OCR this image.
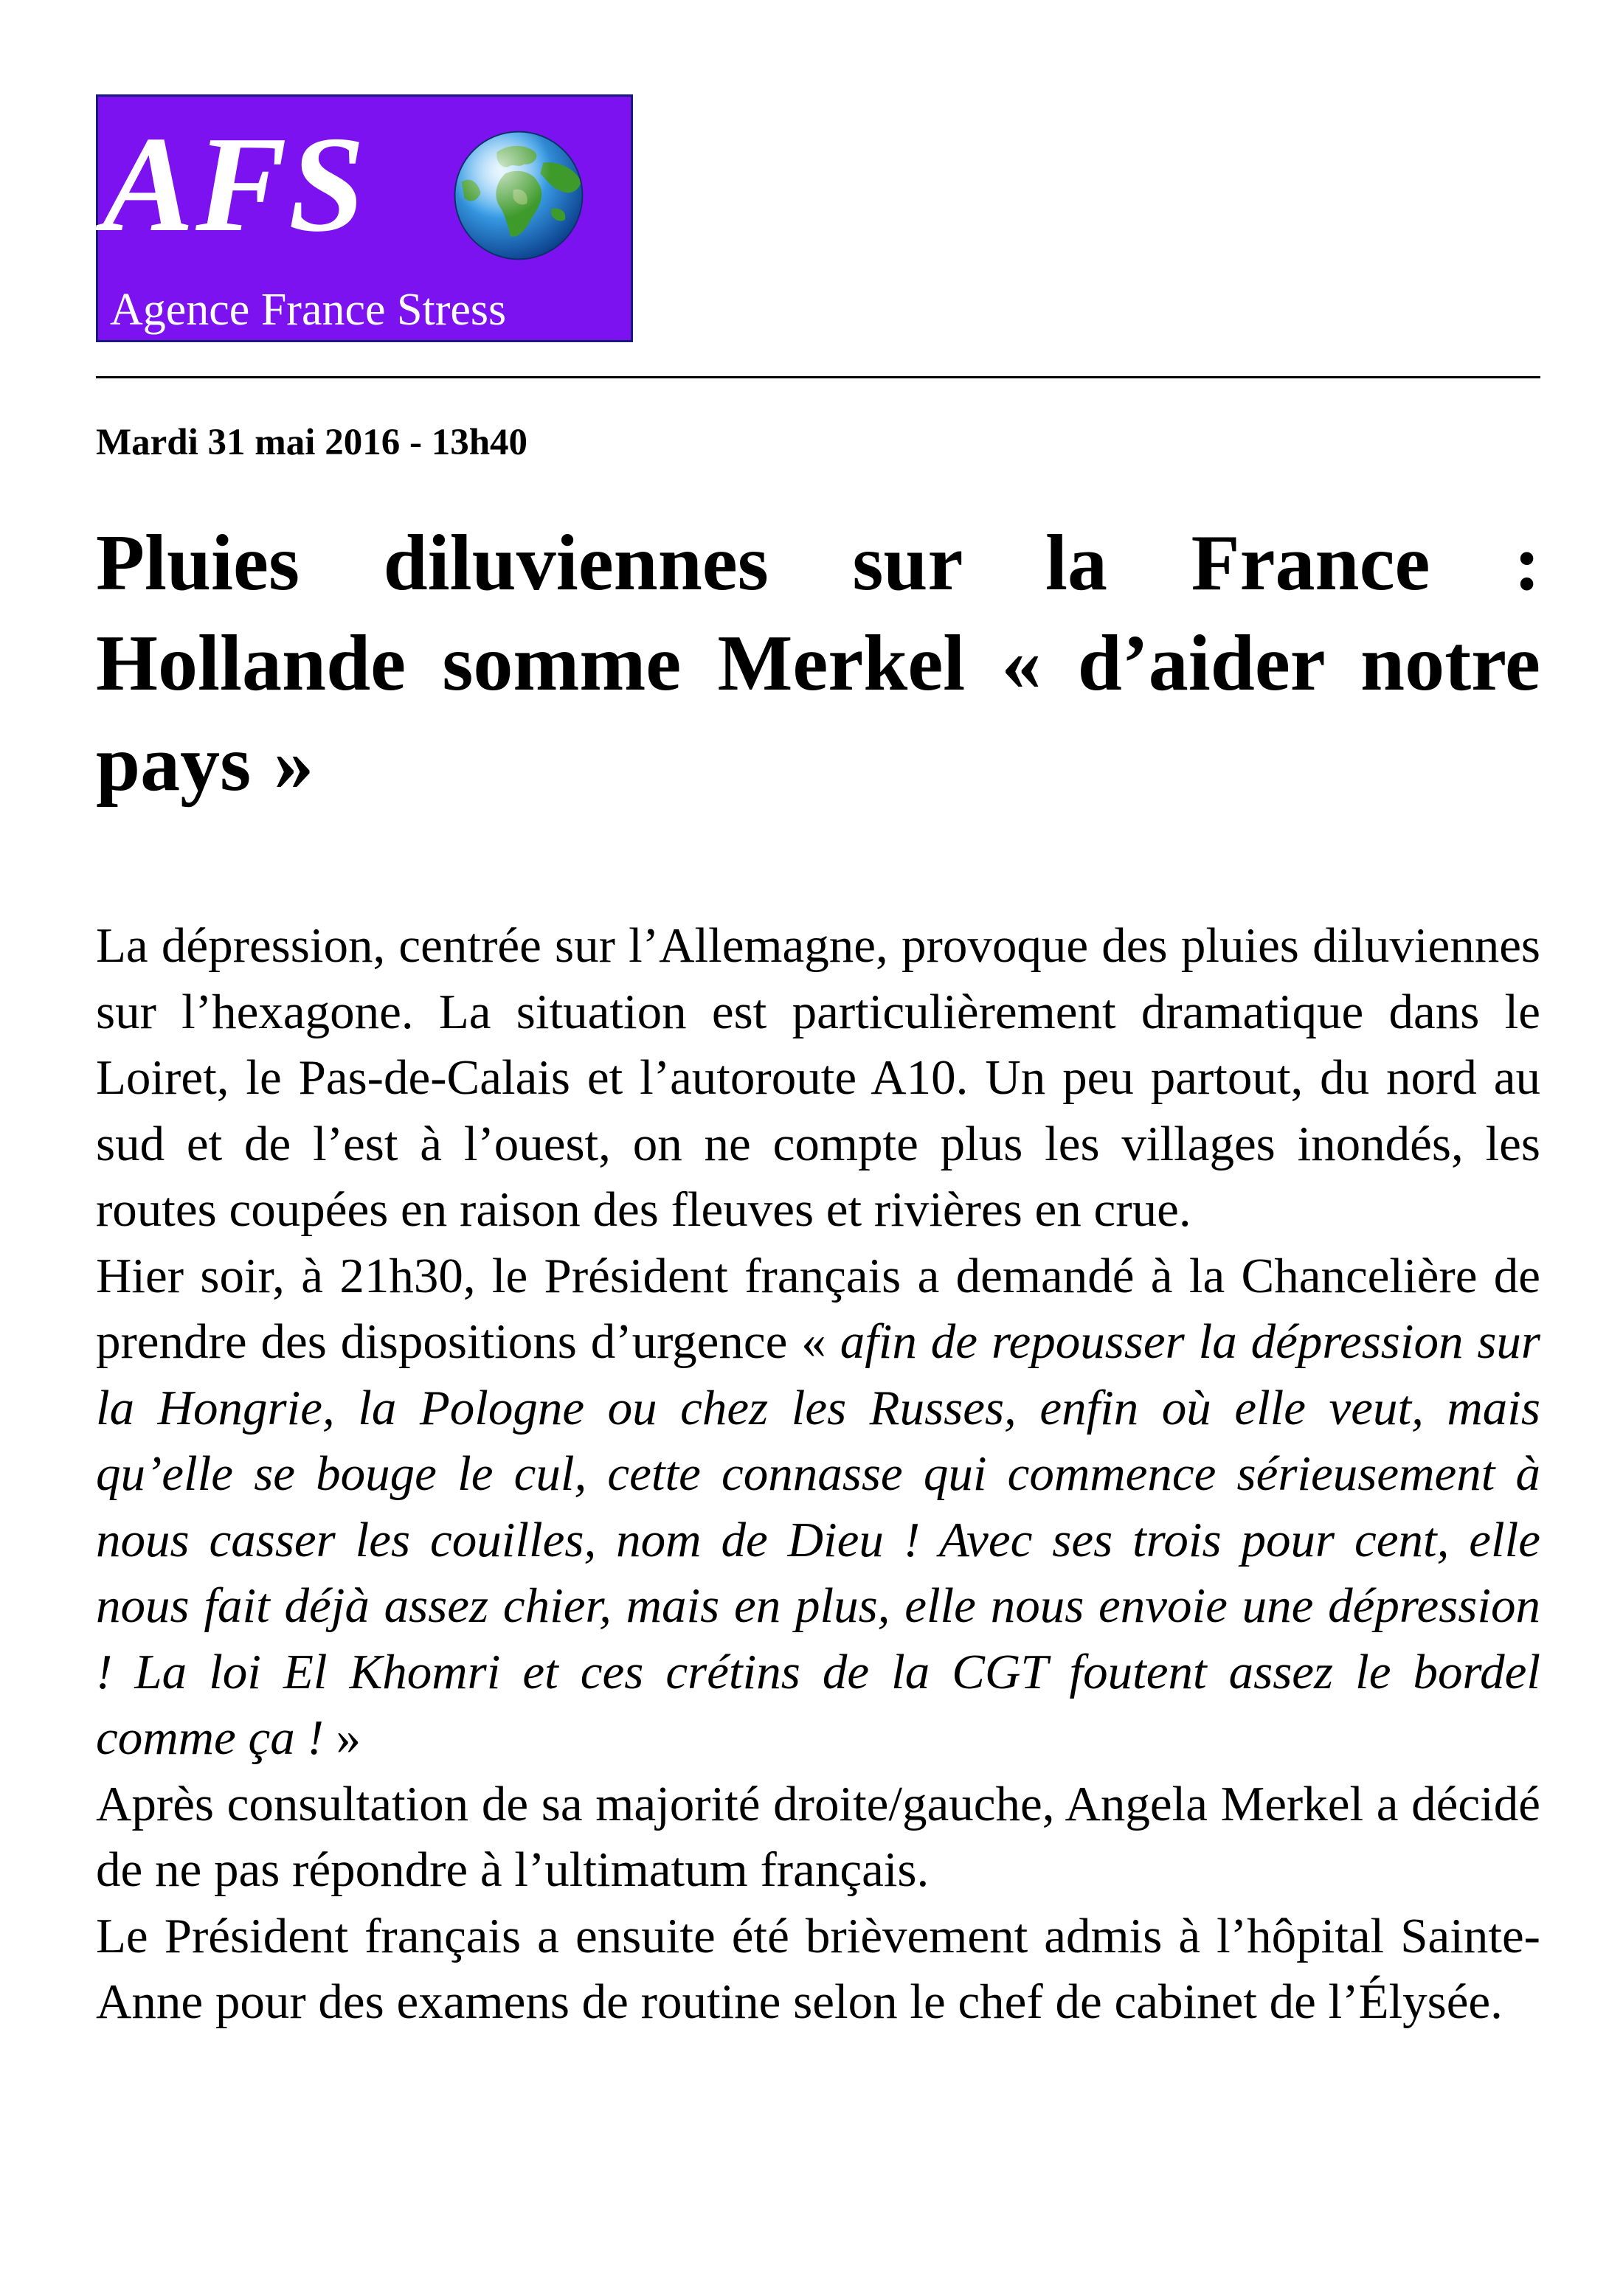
AFS
Agence France Stress
Mardi 31 mai 2016 - 13h40
Pluies diluviennes sur la France : Hollande somme Merkel « d’aider notre pays »

La dépression, centrée sur l’Allemagne, provoque des pluies diluviennes sur l’hexagone. La situation est particulièrement dramatique dans le Loiret, le Pas-de-Calais et l’autoroute A10. Un peu partout, du nord au sud et de l’est à l’ouest, on ne compte plus les villages inondés, les routes coupées en raison des fleuves et rivières en crue.

Hier soir, à 21h30, le Président français a demandé à la Chancelière de prendre des dispositions d’urgence « afin de repousser la dépression sur la Hongrie, la Pologne ou chez les Russes, enfin où elle veut, mais qu’elle se bouge le cul, cette connasse qui commence sérieusement à nous casser les couilles, nom de Dieu ! Avec ses trois pour cent, elle nous fait déjà assez chier, mais en plus, elle nous envoie une dépression ! La loi El Khomri et ces crétins de la CGT foutent assez le bordel comme ça ! »

Après consultation de sa majorité droite/gauche, Angela Merkel a décidé de ne pas répondre à l’ultimatum français.

Le Président français a ensuite été brièvement admis à l’hôpital Sainte-Anne pour des examens de routine selon le chef de cabinet de l’Élysée.
